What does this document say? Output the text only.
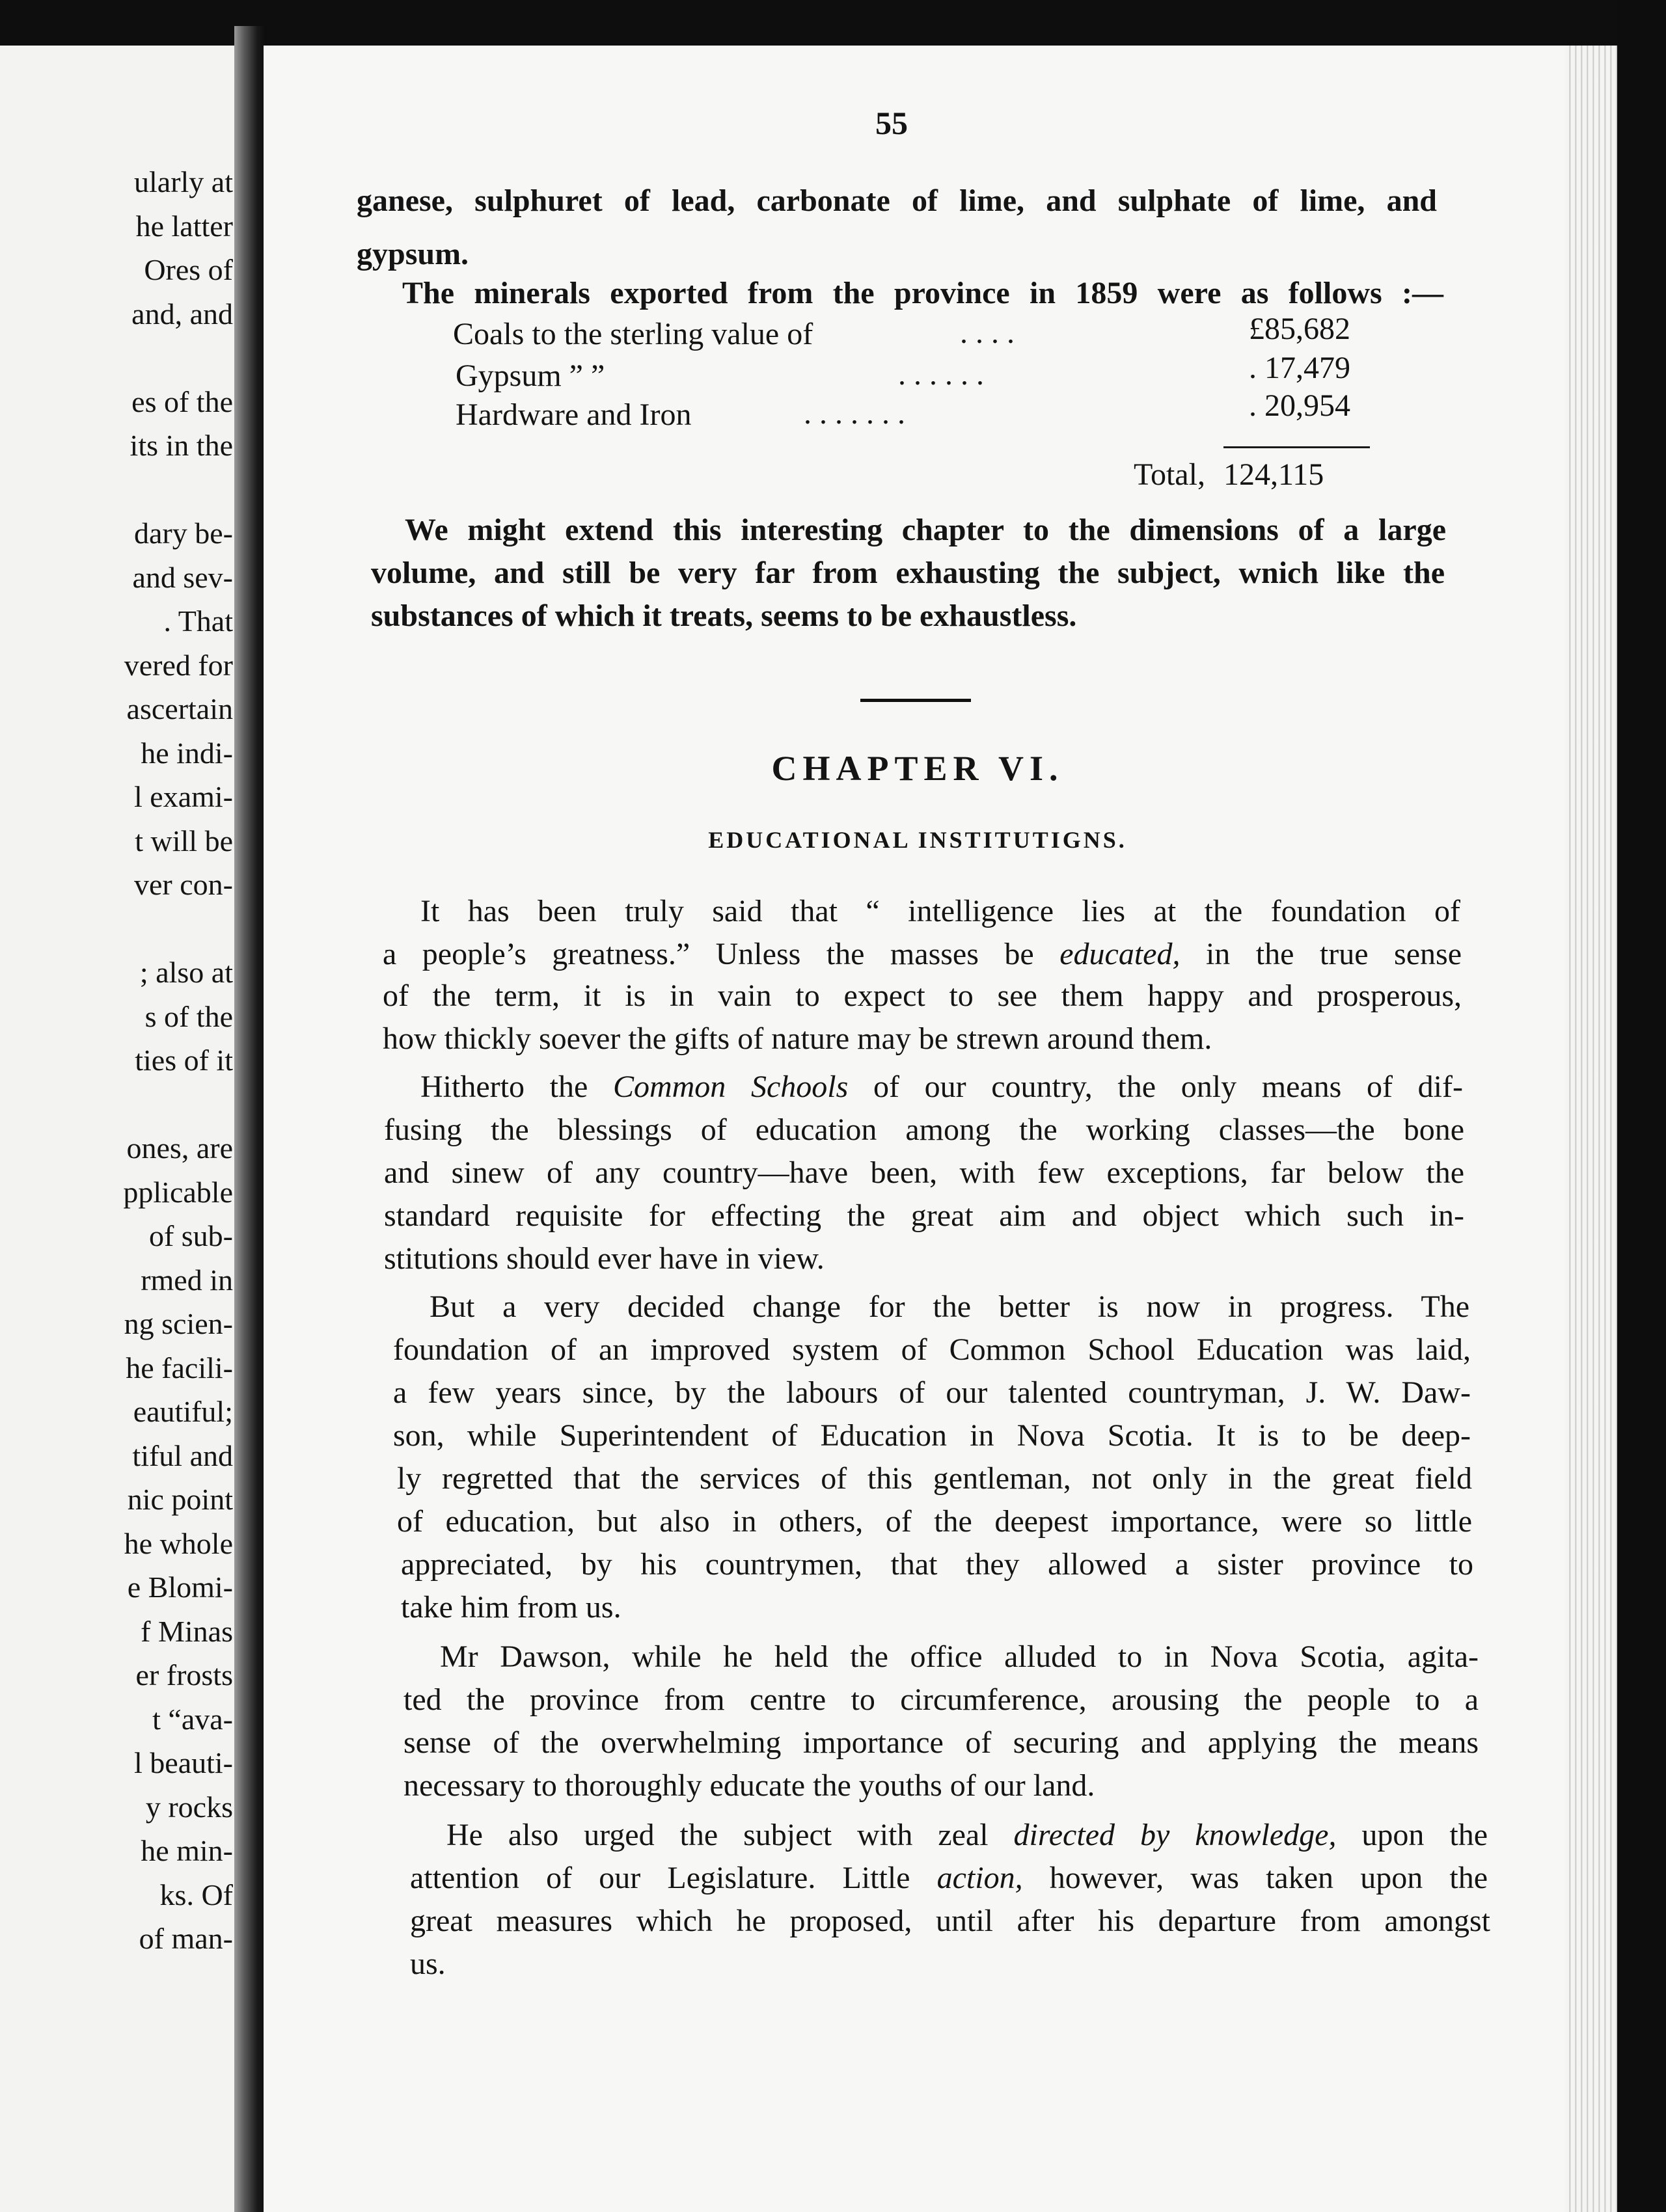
ularly at
he latter
Ores of
and, and
es of the
its in the
dary be-
and sev-
. That
vered for
ascertain
he indi-
l exami-
t will be
ver con-
; also at
s of the
ties of it
ones, are
pplicable
of sub-
rmed in
ng scien-
he facili-
eautiful;
tiful and
nic point
he whole
e Blomi-
f Minas
er frosts
t “ava-
l beauti-
y rocks
he min-
ks. Of
of man-
55
ganese, sulphuret of lead, carbonate of lime, and sulphate of lime, and
gypsum.
The minerals exported from the province in 1859 were as follows :—
Coals to the sterling value of	. . . .	£85,682
Gypsum ” ”	. . . . . .	. 17,479
Hardware and Iron	. . . . . . .	. 20,954
Total, 124,115
We might extend this interesting chapter to the dimensions of a large
volume, and still be very far from exhausting the subject, wnich like the
substances of which it treats, seems to be exhaustless.
CHAPTER VI.
EDUCATIONAL INSTITUTIGNS.
It has been truly said that “ intelligence lies at the foundation of
a people’s greatness.” Unless the masses be educated, in the true sense
of the term, it is in vain to expect to see them happy and prosperous,
how thickly soever the gifts of nature may be strewn around them.
Hitherto the Common Schools of our country, the only means of dif-
fusing the blessings of education among the working classes—the bone
and sinew of any country—have been, with few exceptions, far below the
standard requisite for effecting the great aim and object which such in-
stitutions should ever have in view.
But a very decided change for the better is now in progress. The
foundation of an improved system of Common School Education was laid,
a few years since, by the labours of our talented countryman, J. W. Daw-
son, while Superintendent of Education in Nova Scotia. It is to be deep-
ly regretted that the services of this gentleman, not only in the great field
of education, but also in others, of the deepest importance, were so little
appreciated, by his countrymen, that they allowed a sister province to
take him from us.
Mr Dawson, while he held the office alluded to in Nova Scotia, agita-
ted the province from centre to circumference, arousing the people to a
sense of the overwhelming importance of securing and applying the means
necessary to thoroughly educate the youths of our land.
He also urged the subject with zeal directed by knowledge, upon the
attention of our Legislature. Little action, however, was taken upon the
great measures which he proposed, until after his departure from amongst
us.
